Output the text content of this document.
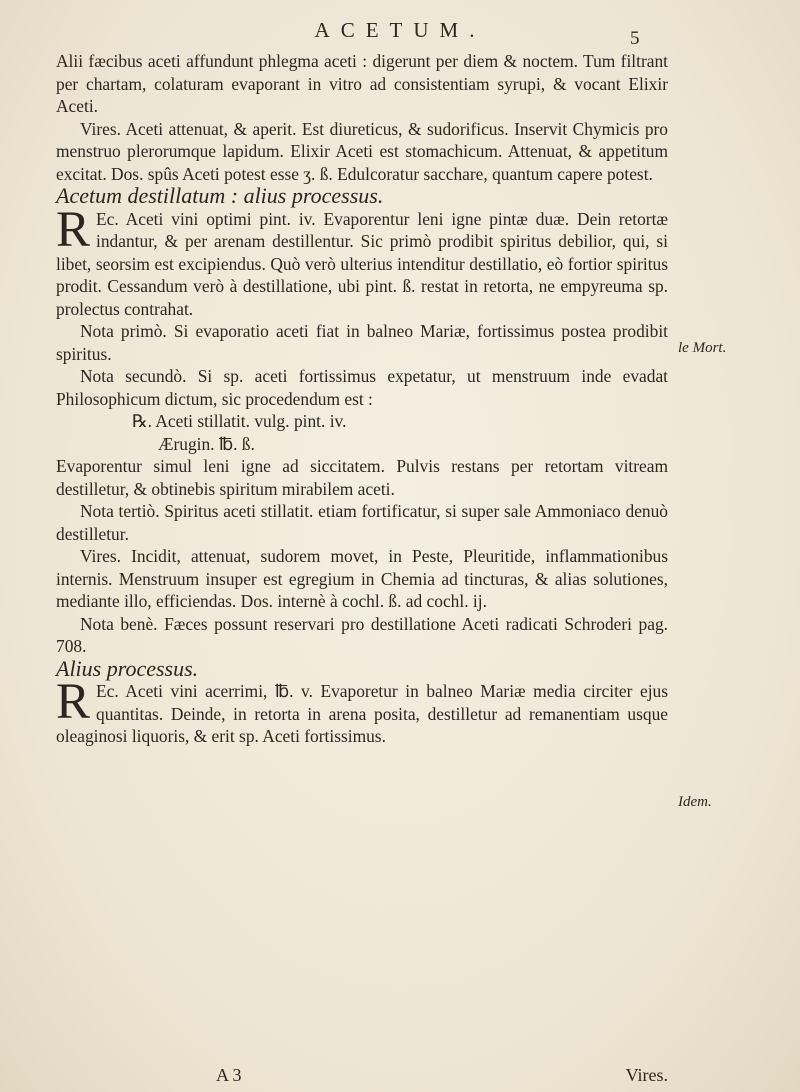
ACETUM.	5

Alii fæcibus aceti affundunt phlegma aceti : digerunt per diem & noctem. Tum filtrant per chartam, colaturam evaporant in vitro ad consistentiam syrupi, & vocant Elixir Aceti.

Vires. Aceti attenuat, & aperit. Est diureticus, & sudorificus. Inservit Chymicis pro menstruo plerorumque lapidum. Elixir Aceti est stomachicum. Attenuat, & appetitum excitat. Dos. spûs Aceti potest esse ʒ. ß. Edulcoratur sacchare, quantum capere potest.

Acetum destillatum : alius processus.

R Ec. Aceti vini optimi pint. iv. Evaporentur leni igne pintæ duæ. Dein retortæ indantur, & per arenam destillentur. Sic primò prodibit spiritus debilior, qui, si libet, seorsim est excipiendus. Quò verò ulterius intenditur destillatio, eò fortior spiritus prodit. Cessandum verò à destillatione, ubi pint. ß. restat in retorta, ne empyreuma sp. prolectus contrahat.

Nota primò. Si evaporatio aceti fiat in balneo Mariæ, fortissimus postea prodibit spiritus.

Nota secundò. Si sp. aceti fortissimus expetatur, ut menstruum inde evadat Philosophicum dictum, sic procedendum est :

℞. Aceti stillatit. vulg. pint. iv.

Ærugin. ℔. ß.

Evaporentur simul leni igne ad siccitatem. Pulvis restans per retortam vitream destilletur, & obtinebis spiritum mirabilem aceti.

Nota tertiò. Spiritus aceti stillatit. etiam fortificatur, si super sale Ammoniaco denuò destilletur.

Vires. Incidit, attenuat, sudorem movet, in Peste, Pleuritide, inflammationibus internis. Menstruum insuper est egregium in Chemia ad tincturas, & alias solutiones, mediante illo, efficiendas. Dos. internè à cochl. ß. ad cochl. ij.

Nota benè. Fæces possunt reservari pro destillatione Aceti radicati Schroderi pag. 708.

Alius processus.

R Ec. Aceti vini acerrimi, ℔. v. Evaporetur in balneo Mariæ media circiter ejus quantitas. Deinde, in retorta in arena posita, destilletur ad remanentiam usque oleaginosi liquoris, & erit sp. Aceti fortissimus.

le Mort.
Idem.
A 3	Vires.
